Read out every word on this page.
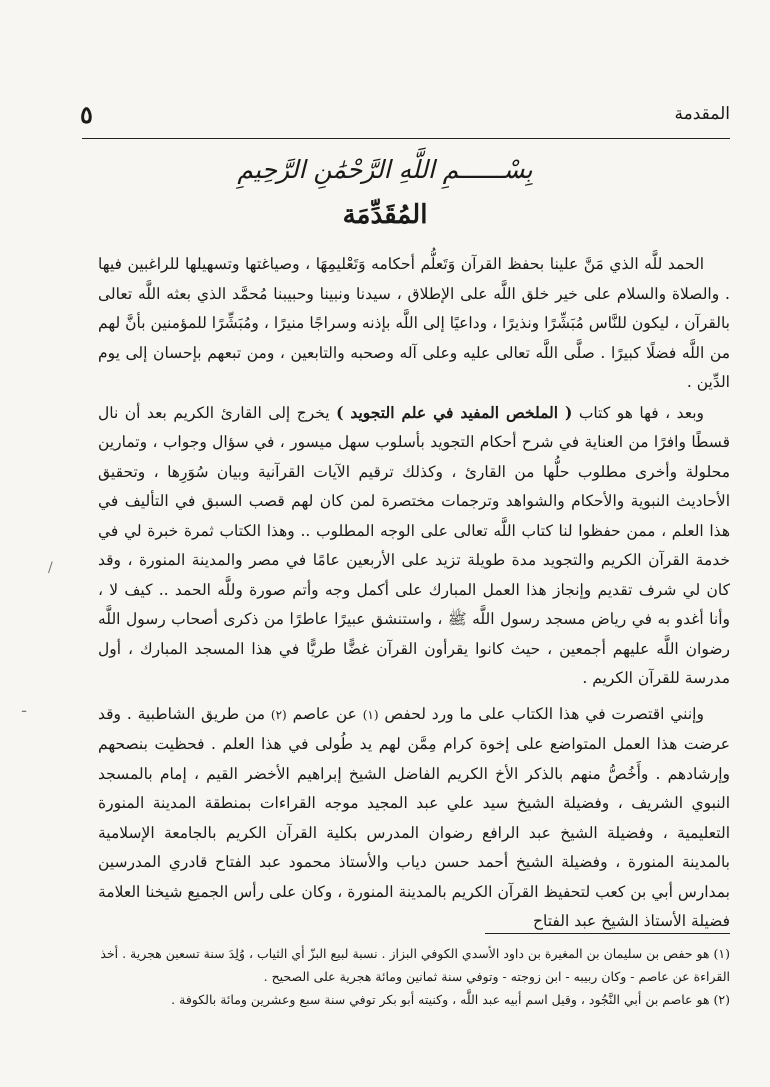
المقدمة
٥
بِسْــــــمِ اللَّهِ الرَّحْمَٰنِ الرَّحِيمِ
المُقَدِّمَة

الحمد للَّه الذي مَنَّ علينا بحفظ القرآن وَتَعلُّم أحكامه وَتَعْليمِهَا ، وصياغتها وتسهيلها للراغبين فيها . والصلاة والسلام على خير خلق اللَّه على الإطلاق ، سيدنا ونبينا وحبيبنا مُحمَّد الذي بعثه اللَّه تعالى بالقرآن ، ليكون للنَّاس مُبَشِّرًا ونذيرًا ، وداعيًا إلى اللَّه بإذنه وسراجًا منيرًا ، ومُبَشِّرًا للمؤمنين بأنَّ لهم من اللَّه فضلًا كبيرًا . صلَّى اللَّه تعالى عليه وعلى آله وصحبه والتابعين ، ومن تبعهم بإحسان إلى يوم الدِّين .

وبعد ، فها هو كتاب ( الملخص المفيد في علم التجويد ) يخرج إلى القارئ الكريم بعد أن نال قسطًا وافرًا من العناية في شرح أحكام التجويد بأسلوب سهل ميسور ، في سؤال وجواب ، وتمارين محلولة وأخرى مطلوب حلُّها من القارئ ، وكذلك ترقيم الآيات القرآنية وبيان سُوَرِها ، وتحقيق الأحاديث النبوية والأحكام والشواهد وترجمات مختصرة لمن كان لهم قصب السبق في التأليف في هذا العلم ، ممن حفظوا لنا كتاب اللَّه تعالى على الوجه المطلوب .. وهذا الكتاب ثمرة خبرة لي في خدمة القرآن الكريم والتجويد مدة طويلة تزيد على الأربعين عامًا في مصر والمدينة المنورة ، وقد كان لي شرف تقديم وإنجاز هذا العمل المبارك على أكمل وجه وأتم صورة وللَّه الحمد .. كيف لا ، وأنا أغدو به في رياض مسجد رسول اللَّه ﷺ ، واستنشق عبيرًا عاطرًا من ذكرى أصحاب رسول اللَّه رضوان اللَّه عليهم أجمعين ، حيث كانوا يقرأون القرآن غضًّا طريًّا في هذا المسجد المبارك ، أول مدرسة للقرآن الكريم .

وإنني اقتصرت في هذا الكتاب على ما ورد لحفص (١) عن عاصم (٢) من طريق الشاطبية . وقد عرضت هذا العمل المتواضع على إخوة كرام مِمَّن لهم يد طُولى في هذا العلم . فحظيت بنصحهم وإرشادهم . وأَخُصُّ منهم بالذكر الأخ الكريم الفاضل الشيخ إبراهيم الأخضر القيم ، إمام بالمسجد النبوي الشريف ، وفضيلة الشيخ سيد علي عبد المجيد موجه القراءات بمنطقة المدينة المنورة التعليمية ، وفضيلة الشيخ عبد الرافع رضوان المدرس بكلية القرآن الكريم بالجامعة الإسلامية بالمدينة المنورة ، وفضيلة الشيخ أحمد حسن دياب والأستاذ محمود عبد الفتاح قادري المدرسين بمدارس أبي بن كعب لتحفيظ القرآن الكريم بالمدينة المنورة ، وكان على رأس الجميع شيخنا العلامة فضيلة الأستاذ الشيخ عبد الفتاح

/
ـ

(١) هو حفص بن سليمان بن المغيرة بن داود الأسدي الكوفي البزاز . نسبة لبيع البزّ أي الثياب ، وُلِدَ سنة تسعين هجرية . أخذ القراءة عن عاصم - وكان ربيبه - ابن زوجته - وتوفي سنة ثمانين ومائة هجرية على الصحيح .

(٢) هو عاصم بن أبي النَّجُود ، وقيل اسم أبيه عبد اللَّه ، وكنيته أبو بكر توفي سنة سبع وعشرين ومائة بالكوفة .
